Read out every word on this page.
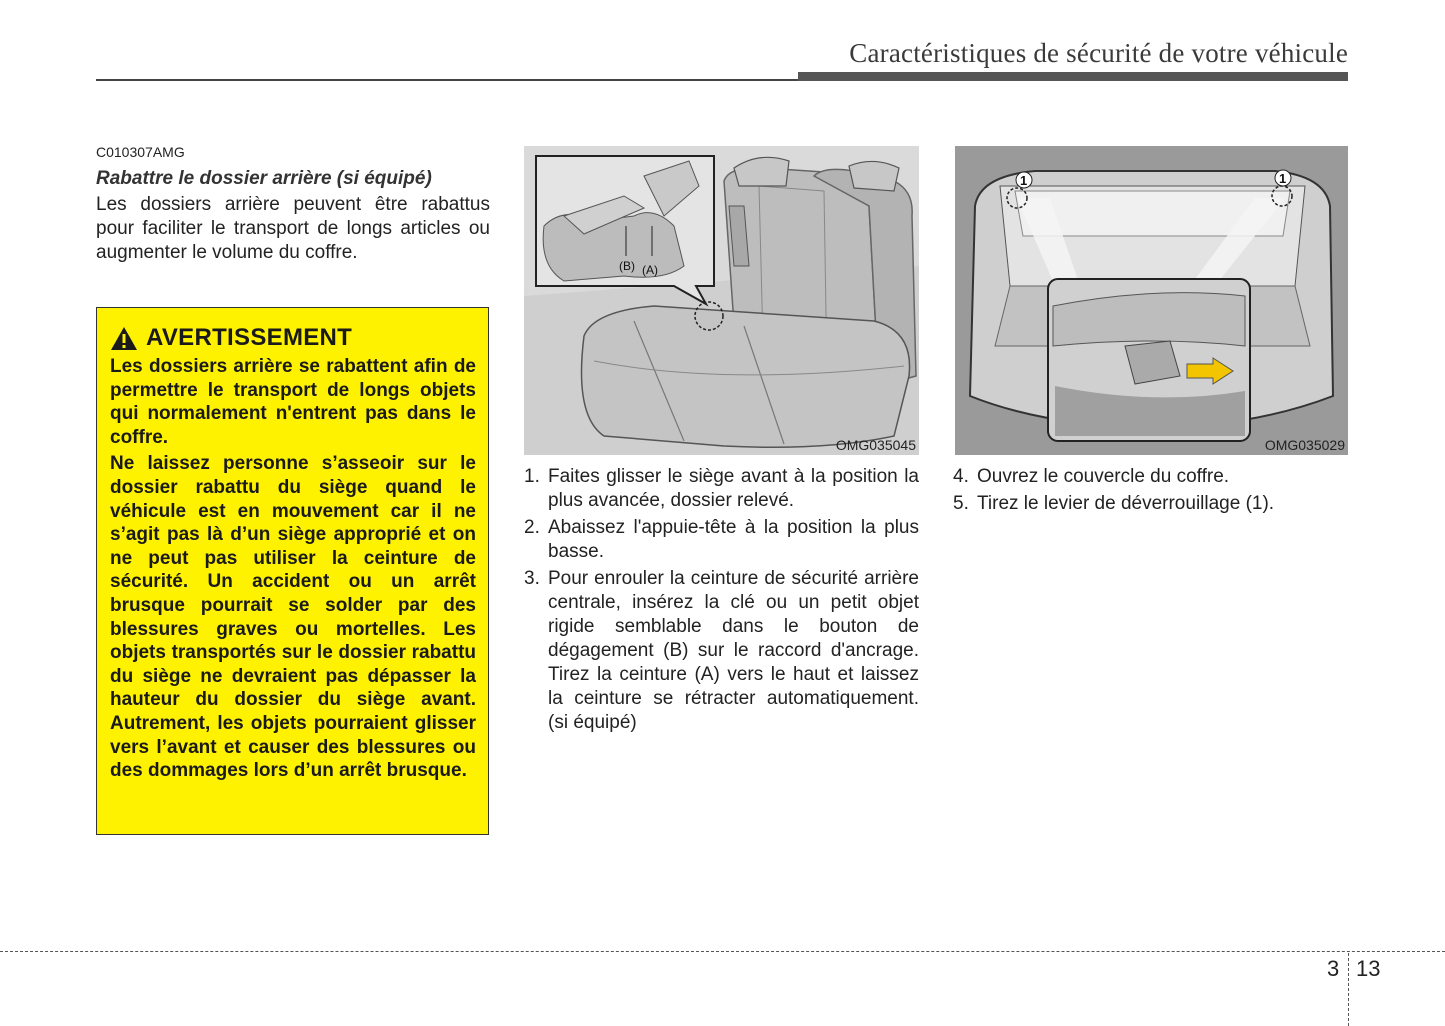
Caractéristiques de sécurité de votre véhicule
C010307AMG
Rabattre le dossier arrière (si équipé)
Les dossiers arrière peuvent être rabattus pour faciliter le transport de longs articles ou augmenter le volume du coffre.
AVERTISSEMENT

Les dossiers arrière se rabattent afin de permettre le transport de longs objets qui normalement n'entrent pas dans le coffre.

Ne laissez personne s’asseoir sur le dossier rabattu du siège quand le véhicule est en mouvement car il ne s’agit pas là d’un siège approprié et on ne peut pas utiliser la ceinture de sécurité. Un accident ou un arrêt brusque pourrait se solder par des blessures graves ou mortelles. Les objets transportés sur le dossier rabattu du siège ne devraient pas dépasser la hauteur du dossier du siège avant. Autrement, les objets pourraient glisser vers l’avant et causer des blessures ou des dommages lors d’un arrêt brusque.

(B) (A)
OMG035045
1	1
OMG035029
1. Faites glisser le siège avant à la position la plus avancée, dossier relevé.
2. Abaissez l'appuie-tête à la position la plus basse.
3. Pour enrouler la ceinture de sécurité arrière centrale, insérez la clé ou un petit objet rigide semblable dans le bouton de dégagement (B) sur le raccord d'ancrage. Tirez la ceinture (A) vers le haut et laissez la ceinture se rétracter automatiquement. (si équipé)
4. Ouvrez le couvercle du coffre.
5. Tirez le levier de déverrouillage (1).
3 13
